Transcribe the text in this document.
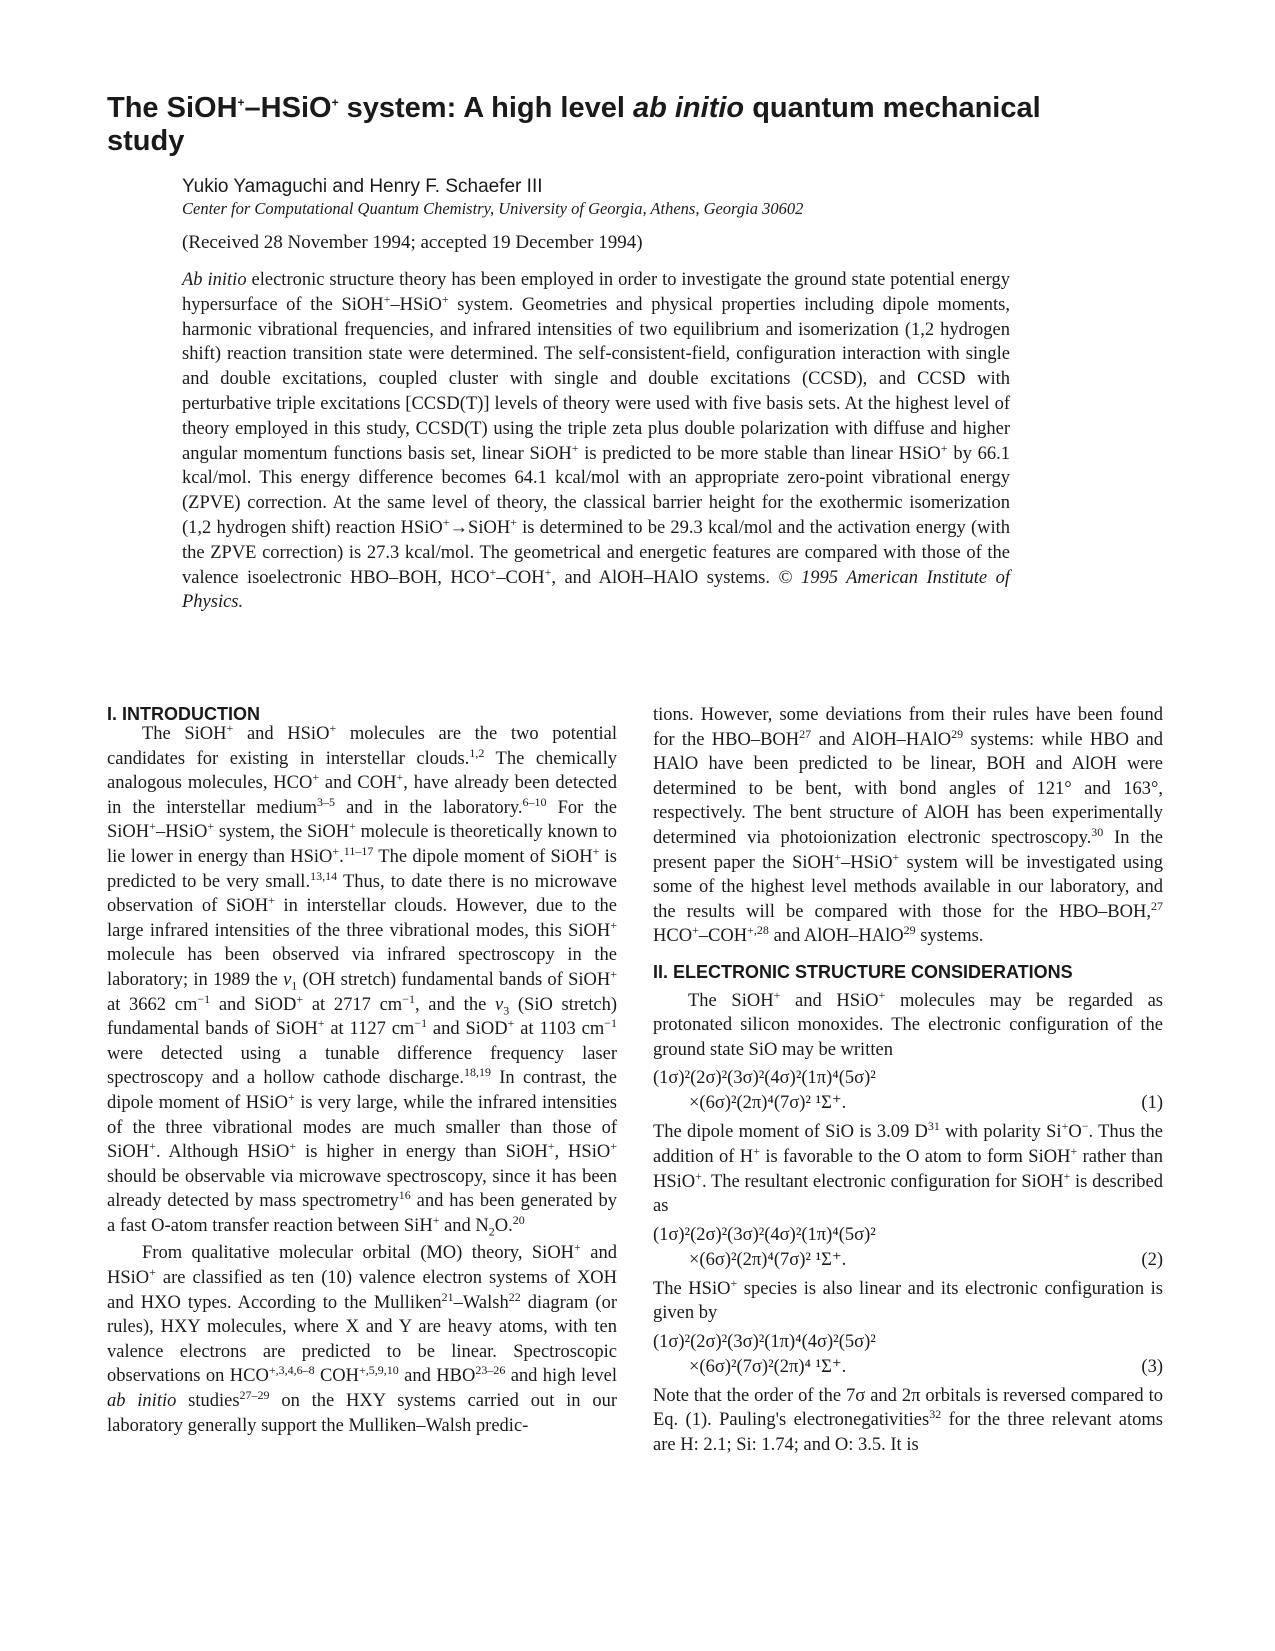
The SiOH+–HSiO+ system: A high level ab initio quantum mechanical study
Yukio Yamaguchi and Henry F. Schaefer III
Center for Computational Quantum Chemistry, University of Georgia, Athens, Georgia 30602
(Received 28 November 1994; accepted 19 December 1994)

Ab initio electronic structure theory has been employed in order to investigate the ground state potential energy hypersurface of the SiOH+–HSiO+ system. Geometries and physical properties including dipole moments, harmonic vibrational frequencies, and infrared intensities of two equilibrium and isomerization (1,2 hydrogen shift) reaction transition state were determined. The self-consistent-field, configuration interaction with single and double excitations, coupled cluster with single and double excitations (CCSD), and CCSD with perturbative triple excitations [CCSD(T)] levels of theory were used with five basis sets. At the highest level of theory employed in this study, CCSD(T) using the triple zeta plus double polarization with diffuse and higher angular momentum functions basis set, linear SiOH+ is predicted to be more stable than linear HSiO+ by 66.1 kcal/mol. This energy difference becomes 64.1 kcal/mol with an appropriate zero-point vibrational energy (ZPVE) correction. At the same level of theory, the classical barrier height for the exothermic isomerization (1,2 hydrogen shift) reaction HSiO+→SiOH+ is determined to be 29.3 kcal/mol and the activation energy (with the ZPVE correction) is 27.3 kcal/mol. The geometrical and energetic features are compared with those of the valence isoelectronic HBO–BOH, HCO+–COH+, and AlOH–HAlO systems. © 1995 American Institute of Physics.

I. INTRODUCTION

The SiOH+ and HSiO+ molecules are the two potential candidates for existing in interstellar clouds.$^{1,2}$ The chemically analogous molecules, HCO+ and COH+, have already been detected in the interstellar medium$^{3-5}$ and in the laboratory.$^{6-10}$ For the SiOH+–HSiO+ system, the SiOH+ molecule is theoretically known to lie lower in energy than HSiO+.$^{11-17}$ The dipole moment of SiOH+ is predicted to be very small.$^{13,14}$ Thus, to date there is no microwave observation of SiOH+ in interstellar clouds. However, due to the large infrared intensities of the three vibrational modes, this SiOH+ molecule has been observed via infrared spectroscopy in the laboratory; in 1989 the $\nu_1$ (OH stretch) fundamental bands of SiOH+ at 3662 $cm^{-1}$ and SiOD+ at 2717 $cm^{-1}$, and the $\nu_3$ (SiO stretch) fundamental bands of SiOH+ at 1127 $cm^{-1}$ and SiOD+ at 1103 $cm^{-1}$ were detected using a tunable difference frequency laser spectroscopy and a hollow cathode discharge.$^{18,19}$ In contrast, the dipole moment of HSiO+ is very large, while the infrared intensities of the three vibrational modes are much smaller than those of SiOH+. Although HSiO+ is higher in energy than SiOH+, HSiO+ should be observable via microwave spectroscopy, since it has been already detected by mass spectrometry$^{16}$ and has been generated by a fast O-atom transfer reaction between SiH+ and $N_2O.^{20}$

From qualitative molecular orbital (MO) theory, SiOH+ and HSiO+ are classified as ten (10) valence electron systems of XOH and HXO types. According to the Mulliken$^{21}$–Walsh$^{22}$ diagram (or rules), HXY molecules, where X and Y are heavy atoms, with ten valence electrons are predicted to be linear. Spectroscopic observations on $HCO^{+,3,4,6-8}$ $COH^{+,5,9,10}$ and HBO$^{23-26}$ and high level ab initio studies$^{27-29}$ on the HXY systems carried out in our laboratory generally support the Mulliken–Walsh predic-

tions. However, some deviations from their rules have been found for the HBO–BOH$^{27}$ and AlOH–HAlO$^{29}$ systems: while HBO and HAlO have been predicted to be linear, BOH and AlOH were determined to be bent, with bond angles of 121° and 163°, respectively. The bent structure of AlOH has been experimentally determined via photoionization electronic spectroscopy.$^{30}$ In the present paper the SiOH+–HSiO+ system will be investigated using some of the highest level methods available in our laboratory, and the results will be compared with those for the HBO–BOH,$^{27}$ $HCO^+-COH^{+,28}$ and AlOH–HAlO$^{29}$ systems.

II. ELECTRONIC STRUCTURE CONSIDERATIONS

The SiOH+ and HSiO+ molecules may be regarded as protonated silicon monoxides. The electronic configuration of the ground state SiO may be written

(1σ)²(2σ)²(3σ)²(4σ)²(1π)⁴(5σ)²
×(6σ)²(2π)⁴(7σ)² ¹Σ⁺.	(1)

The dipole moment of SiO is 3.09 $D^{31}$ with polarity Si+O−. Thus the addition of H+ is favorable to the O atom to form SiOH+ rather than HSiO+. The resultant electronic configuration for SiOH+ is described as

(1σ)²(2σ)²(3σ)²(4σ)²(1π)⁴(5σ)²
×(6σ)²(2π)⁴(7σ)² ¹Σ⁺.	(2)

The HSiO+ species is also linear and its electronic configuration is given by

(1σ)²(2σ)²(3σ)²(1π)⁴(4σ)²(5σ)²
×(6σ)²(7σ)²(2π)⁴ ¹Σ⁺.	(3)

Note that the order of the 7σ and 2π orbitals is reversed compared to Eq. (1). Pauling's electronegativities$^{32}$ for the three relevant atoms are H: 2.1; Si: 1.74; and O: 3.5. It is
